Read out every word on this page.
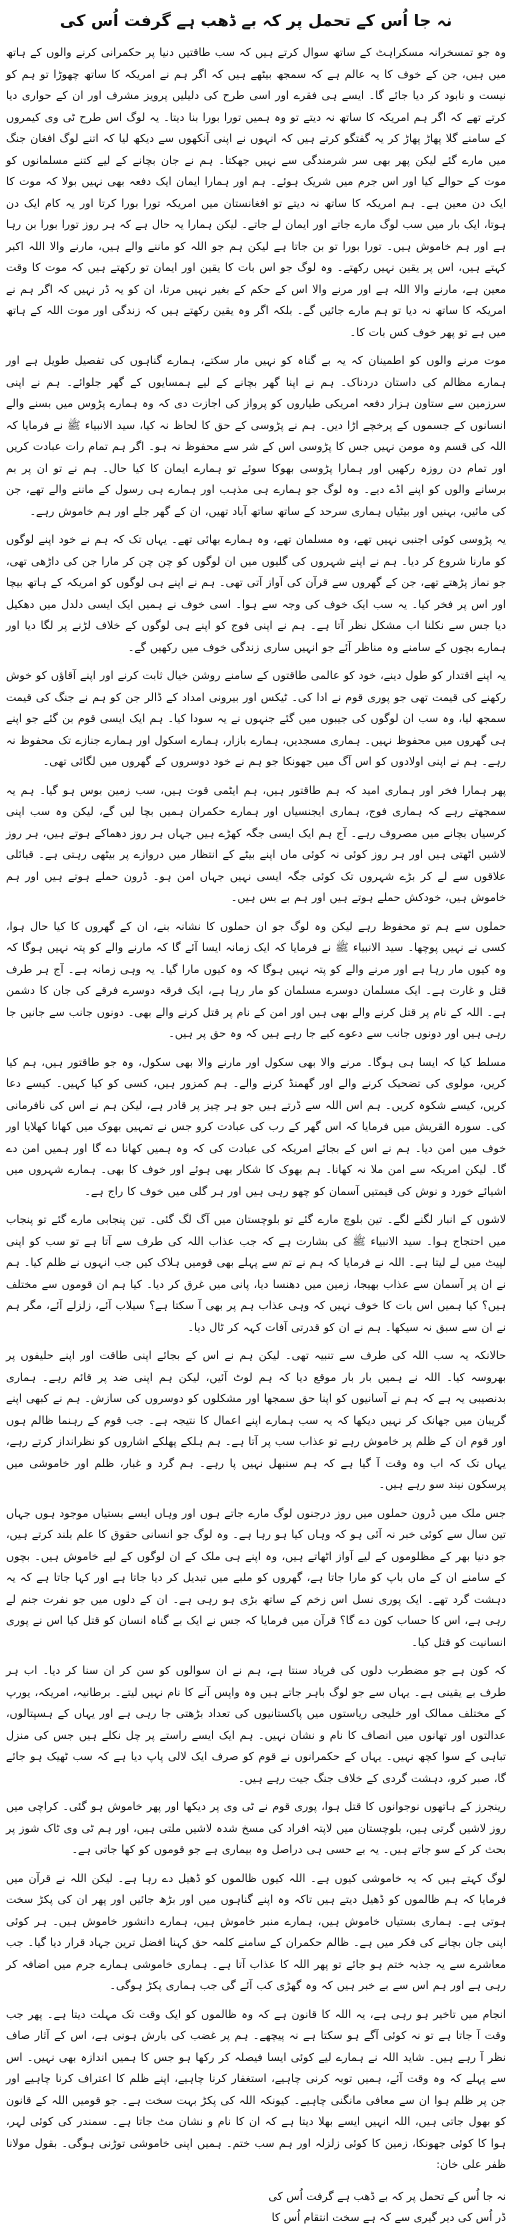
نہ جا اُس کے تحمل پر کہ بے ڈھب ہے گرفت اُس کی

وہ جو تمسخرانہ مسکراہٹ کے ساتھ سوال کرتے ہیں کہ سب طاقتیں دنیا پر حکمرانی کرنے والوں کے ہاتھ میں ہیں، جن کے خوف کا یہ عالم ہے کہ سمجھ بیٹھے ہیں کہ اگر ہم نے امریکہ کا ساتھ چھوڑا تو ہم کو نیست و نابود کر دیا جائے گا۔ ایسے ہی فقرے اور اسی طرح کی دلیلیں پرویز مشرف اور ان کے حواری دیا کرتے تھے کہ اگر ہم امریکہ کا ساتھ نہ دیتے تو وہ ہمیں تورا بورا بنا دیتا۔ یہ لوگ اس طرح ٹی وی کیمروں کے سامنے گلا پھاڑ پھاڑ کر یہ گفتگو کرتے ہیں کہ انہوں نے اپنی آنکھوں سے دیکھ لیا کہ اتنے لوگ افغان جنگ میں مارے گئے لیکن پھر بھی سر شرمندگی سے نہیں جھکتا۔ ہم نے جان بچانے کے لیے کتنے مسلمانوں کو موت کے حوالے کیا اور اس جرم میں شریک ہوئے۔ ہم اور ہمارا ایمان ایک دفعہ بھی نہیں بولا کہ موت کا ایک دن معین ہے۔ ہم امریکہ کا ساتھ نہ دیتے تو افغانستان میں امریکہ تورا بورا کرتا اور یہ کام ایک دن ہوتا، ایک بار میں سب لوگ مارے جاتے اور ایمان لے جاتے۔ لیکن ہمارا یہ حال ہے کہ ہر روز تورا بورا بن رہا ہے اور ہم خاموش ہیں۔ تورا بورا تو بن جاتا ہے لیکن ہم جو اللہ کو ماننے والے ہیں، مارنے والا اللہ اکبر کہتے ہیں، اس پر یقین نہیں رکھتے۔ وہ لوگ جو اس بات کا یقین اور ایمان تو رکھتے ہیں کہ موت کا وقت معین ہے، مارنے والا اللہ ہے اور مرنے والا اس کے حکم کے بغیر نہیں مرتا، ان کو یہ ڈر نہیں کہ اگر ہم نے امریکہ کا ساتھ نہ دیا تو ہم مارے جائیں گے۔ بلکہ اگر وہ یقین رکھتے ہیں کہ زندگی اور موت اللہ کے ہاتھ میں ہے تو پھر خوف کس بات کا۔

موت مرنے والوں کو اطمینان کہ یہ بے گناہ کو نہیں مار سکتے، ہمارے گناہوں کی تفصیل طویل ہے اور ہمارے مظالم کی داستان دردناک۔ ہم نے اپنا گھر بچانے کے لیے ہمسایوں کے گھر جلوائے۔ ہم نے اپنی سرزمین سے ستاون ہزار دفعہ امریکی طیاروں کو پرواز کی اجازت دی کہ وہ ہمارے پڑوس میں بسنے والے انسانوں کے جسموں کے پرخچے اڑا دیں۔ ہم نے پڑوسی کے حق کا لحاظ نہ کیا، سید الانبیاء ﷺ نے فرمایا کہ اللہ کی قسم وہ مومن نہیں جس کا پڑوسی اس کے شر سے محفوظ نہ ہو۔ اگر ہم تمام رات عبادت کریں اور تمام دن روزہ رکھیں اور ہمارا پڑوسی بھوکا سوئے تو ہمارے ایمان کا کیا حال۔ ہم نے تو ان پر بم برسانے والوں کو اپنے اڈے دیے۔ وہ لوگ جو ہمارے ہی مذہب اور ہمارے ہی رسول کے ماننے والے تھے، جن کی مائیں، بہنیں اور بیٹیاں ہماری سرحد کے ساتھ ساتھ آباد تھیں، ان کے گھر جلے اور ہم خاموش رہے۔

یہ پڑوسی کوئی اجنبی نہیں تھے، وہ مسلمان تھے، وہ ہمارے بھائی تھے۔ یہاں تک کہ ہم نے خود اپنے لوگوں کو مارنا شروع کر دیا۔ ہم نے اپنے شہروں کی گلیوں میں ان لوگوں کو چن چن کر مارا جن کی داڑھی تھی، جو نماز پڑھتے تھے، جن کے گھروں سے قرآن کی آواز آتی تھی۔ ہم نے اپنے ہی لوگوں کو امریکہ کے ہاتھ بیچا اور اس پر فخر کیا۔ یہ سب ایک خوف کی وجہ سے ہوا۔ اسی خوف نے ہمیں ایک ایسی دلدل میں دھکیل دیا جس سے نکلنا اب مشکل نظر آتا ہے۔ ہم نے اپنی فوج کو اپنے ہی لوگوں کے خلاف لڑنے پر لگا دیا اور ہمارے بچوں کے سامنے وہ مناظر آئے جو انہیں ساری زندگی خوف میں رکھیں گے۔

یہ اپنے اقتدار کو طول دینے، خود کو عالمی طاقتوں کے سامنے روشن خیال ثابت کرنے اور اپنے آقاؤں کو خوش رکھنے کی قیمت تھی جو پوری قوم نے ادا کی۔ ٹیکس اور بیرونی امداد کے ڈالر جن کو ہم نے جنگ کی قیمت سمجھ لیا، وہ سب ان لوگوں کی جیبوں میں گئے جنہوں نے یہ سودا کیا۔ ہم ایک ایسی قوم بن گئے جو اپنے ہی گھروں میں محفوظ نہیں۔ ہماری مسجدیں، ہمارے بازار، ہمارے اسکول اور ہمارے جنازے تک محفوظ نہ رہے۔ ہم نے اپنی اولادوں کو اس آگ میں جھونکا جو ہم نے خود دوسروں کے گھروں میں لگائی تھی۔

پھر ہمارا فخر اور ہماری امید کہ ہم طاقتور ہیں، ہم ایٹمی قوت ہیں، سب زمین بوس ہو گیا۔ ہم یہ سمجھتے رہے کہ ہماری فوج، ہماری ایجنسیاں اور ہمارے حکمران ہمیں بچا لیں گے، لیکن وہ سب اپنی کرسیاں بچانے میں مصروف رہے۔ آج ہم ایک ایسی جگہ کھڑے ہیں جہاں ہر روز دھماکے ہوتے ہیں، ہر روز لاشیں اٹھتی ہیں اور ہر روز کوئی نہ کوئی ماں اپنے بیٹے کے انتظار میں دروازے پر بیٹھی رہتی ہے۔ قبائلی علاقوں سے لے کر بڑے شہروں تک کوئی جگہ ایسی نہیں جہاں امن ہو۔ ڈرون حملے ہوتے ہیں اور ہم خاموش ہیں، خودکش حملے ہوتے ہیں اور ہم بے بس ہیں۔

حملوں سے ہم تو محفوظ رہے لیکن وہ لوگ جو ان حملوں کا نشانہ بنے، ان کے گھروں کا کیا حال ہوا، کسی نے نہیں پوچھا۔ سید الانبیاء ﷺ نے فرمایا کہ ایک زمانہ ایسا آئے گا کہ مارنے والے کو پتہ نہیں ہوگا کہ وہ کیوں مار رہا ہے اور مرنے والے کو پتہ نہیں ہوگا کہ وہ کیوں مارا گیا۔ یہ وہی زمانہ ہے۔ آج ہر طرف قتل و غارت ہے۔ ایک مسلمان دوسرے مسلمان کو مار رہا ہے، ایک فرقہ دوسرے فرقے کی جان کا دشمن ہے۔ اللہ کے نام پر قتل کرنے والے بھی ہیں اور امن کے نام پر قتل کرنے والے بھی۔ دونوں جانب سے جانیں جا رہی ہیں اور دونوں جانب سے دعوے کیے جا رہے ہیں کہ وہ حق پر ہیں۔

مسلط کیا کہ ایسا ہی ہوگا۔ مرنے والا بھی سکول اور مارنے والا بھی سکول، وہ جو طاقتور ہیں، ہم کیا کریں، مولوی کی تضحیک کرنے والے اور گھمنڈ کرنے والے۔ ہم کمزور ہیں، کسی کو کیا کہیں۔ کیسے دعا کریں، کیسے شکوہ کریں۔ ہم اس اللہ سے ڈرتے ہیں جو ہر چیز پر قادر ہے، لیکن ہم نے اس کی نافرمانی کی۔ سورہ القریش میں فرمایا کہ اس گھر کے رب کی عبادت کرو جس نے تمہیں بھوک میں کھانا کھلایا اور خوف میں امن دیا۔ ہم نے اس کے بجائے امریکہ کی عبادت کی کہ وہ ہمیں کھانا دے گا اور ہمیں امن دے گا۔ لیکن امریکہ سے امن ملا نہ کھانا۔ ہم بھوک کا شکار بھی ہوئے اور خوف کا بھی۔ ہمارے شہروں میں اشیائے خورد و نوش کی قیمتیں آسمان کو چھو رہی ہیں اور ہر گلی میں خوف کا راج ہے۔

لاشوں کے انبار لگنے لگے۔ تین بلوچ مارے گئے تو بلوچستان میں آگ لگ گئی۔ تین پنجابی مارے گئے تو پنجاب میں احتجاج ہوا۔ سید الانبیاء ﷺ کی بشارت ہے کہ جب عذاب اللہ کی طرف سے آتا ہے تو سب کو اپنی لپیٹ میں لے لیتا ہے۔ اللہ نے فرمایا کہ ہم نے تم سے پہلے بھی قومیں ہلاک کیں جب انہوں نے ظلم کیا۔ ہم نے ان پر آسمان سے عذاب بھیجا، زمین میں دھنسا دیا، پانی میں غرق کر دیا۔ کیا ہم ان قوموں سے مختلف ہیں؟ کیا ہمیں اس بات کا خوف نہیں کہ وہی عذاب ہم پر بھی آ سکتا ہے؟ سیلاب آئے، زلزلے آئے، مگر ہم نے ان سے سبق نہ سیکھا۔ ہم نے ان کو قدرتی آفات کہہ کر ٹال دیا۔

حالانکہ یہ سب اللہ کی طرف سے تنبیہ تھی۔ لیکن ہم نے اس کے بجائے اپنی طاقت اور اپنے حلیفوں پر بھروسہ کیا۔ اللہ نے ہمیں بار بار موقع دیا کہ ہم لوٹ آئیں، لیکن ہم اپنی ضد پر قائم رہے۔ ہماری بدنصیبی یہ ہے کہ ہم نے آسانیوں کو اپنا حق سمجھا اور مشکلوں کو دوسروں کی سازش۔ ہم نے کبھی اپنے گریبان میں جھانک کر نہیں دیکھا کہ یہ سب ہمارے اپنے اعمال کا نتیجہ ہے۔ جب قوم کے رہنما ظالم ہوں اور قوم ان کے ظلم پر خاموش رہے تو عذاب سب پر آتا ہے۔ ہم ہلکے پھلکے اشاروں کو نظرانداز کرتے رہے، یہاں تک کہ اب وہ وقت آ گیا ہے کہ ہم سنبھل نہیں پا رہے۔ ہم گرد و غبار، ظلم اور خاموشی میں پرسکون نیند سو رہے ہیں۔

جس ملک میں ڈرون حملوں میں روز درجنوں لوگ مارے جاتے ہوں اور وہاں ایسے بستیاں موجود ہوں جہاں تین سال سے کوئی خبر نہ آئی ہو کہ وہاں کیا ہو رہا ہے۔ وہ لوگ جو انسانی حقوق کا علم بلند کرتے ہیں، جو دنیا بھر کے مظلوموں کے لیے آواز اٹھاتے ہیں، وہ اپنے ہی ملک کے ان لوگوں کے لیے خاموش ہیں۔ بچوں کے سامنے ان کے ماں باپ کو مارا جاتا ہے، گھروں کو ملبے میں تبدیل کر دیا جاتا ہے اور کہا جاتا ہے کہ یہ دہشت گرد تھے۔ ایک پوری نسل اس زخم کے ساتھ بڑی ہو رہی ہے۔ ان کے دلوں میں جو نفرت جنم لے رہی ہے، اس کا حساب کون دے گا؟ قرآن میں فرمایا کہ جس نے ایک بے گناہ انسان کو قتل کیا اس نے پوری انسانیت کو قتل کیا۔

کہ کون ہے جو مضطرب دلوں کی فریاد سنتا ہے، ہم نے ان سوالوں کو سن کر ان سنا کر دیا۔ اب ہر طرف بے یقینی ہے۔ یہاں سے جو لوگ باہر جاتے ہیں وہ واپس آنے کا نام نہیں لیتے۔ برطانیہ، امریکہ، یورپ کے مختلف ممالک اور خلیجی ریاستوں میں پاکستانیوں کی تعداد بڑھتی جا رہی ہے اور یہاں کے ہسپتالوں، عدالتوں اور تھانوں میں انصاف کا نام و نشان نہیں۔ ہم ایک ایسے راستے پر چل نکلے ہیں جس کی منزل تباہی کے سوا کچھ نہیں۔ یہاں کے حکمرانوں نے قوم کو صرف ایک لالی پاپ دیا ہے کہ سب ٹھیک ہو جائے گا، صبر کرو، دہشت گردی کے خلاف جنگ جیت رہے ہیں۔

رینجرز کے ہاتھوں نوجوانوں کا قتل ہوا، پوری قوم نے ٹی وی پر دیکھا اور پھر خاموش ہو گئی۔ کراچی میں روز لاشیں گرتی ہیں، بلوچستان میں لاپتہ افراد کی مسخ شدہ لاشیں ملتی ہیں، اور ہم ٹی وی ٹاک شوز پر بحث کر کے سو جاتے ہیں۔ یہ بے حسی ہی دراصل وہ بیماری ہے جو قوموں کو کھا جاتی ہے۔

لوگ کہتے ہیں کہ یہ خاموشی کیوں ہے۔ اللہ کیوں ظالموں کو ڈھیل دے رہا ہے۔ لیکن اللہ نے قرآن میں فرمایا کہ ہم ظالموں کو ڈھیل دیتے ہیں تاکہ وہ اپنے گناہوں میں اور بڑھ جائیں اور پھر ان کی پکڑ سخت ہوتی ہے۔ ہماری بستیاں خاموش ہیں، ہمارے منبر خاموش ہیں، ہمارے دانشور خاموش ہیں۔ ہر کوئی اپنی جان بچانے کی فکر میں ہے۔ ظالم حکمران کے سامنے کلمہ حق کہنا افضل ترین جہاد قرار دیا گیا۔ جب معاشرے سے یہ جذبہ ختم ہو جائے تو پھر اللہ کا عذاب آتا ہے۔ ہماری خاموشی ہمارے جرم میں اضافہ کر رہی ہے اور ہم اس سے بے خبر ہیں کہ وہ گھڑی کب آئے گی جب ہماری پکڑ ہوگی۔

انجام میں تاخیر ہو رہی ہے، یہ اللہ کا قانون ہے کہ وہ ظالموں کو ایک وقت تک مہلت دیتا ہے۔ پھر جب وقت آ جاتا ہے تو نہ کوئی آگے ہو سکتا ہے نہ پیچھے۔ ہم پر غضب کی بارش ہونی ہے، اس کے آثار صاف نظر آ رہے ہیں۔ شاید اللہ نے ہمارے لیے کوئی ایسا فیصلہ کر رکھا ہو جس کا ہمیں اندازہ بھی نہیں۔ اس سے پہلے کہ وہ وقت آئے، ہمیں توبہ کرنی چاہیے، استغفار کرنا چاہیے، اپنے ظلم کا اعتراف کرنا چاہیے اور جن پر ظلم ہوا ان سے معافی مانگنی چاہیے۔ کیونکہ اللہ کی پکڑ بہت سخت ہے۔ جو قومیں اللہ کے قانون کو بھول جاتی ہیں، اللہ انہیں ایسے بھلا دیتا ہے کہ ان کا نام و نشان مٹ جاتا ہے۔ سمندر کی کوئی لہر، ہوا کا کوئی جھونکا، زمین کا کوئی زلزلہ اور ہم سب ختم۔ ہمیں اپنی خاموشی توڑنی ہوگی۔ بقول مولانا ظفر علی خان:

نہ جا اُس کے تحمل پر کہ بے ڈھب ہے گرفت اُس کی
ڈر اُس کی دیر گیری سے کہ ہے سخت انتقام اُس کا
